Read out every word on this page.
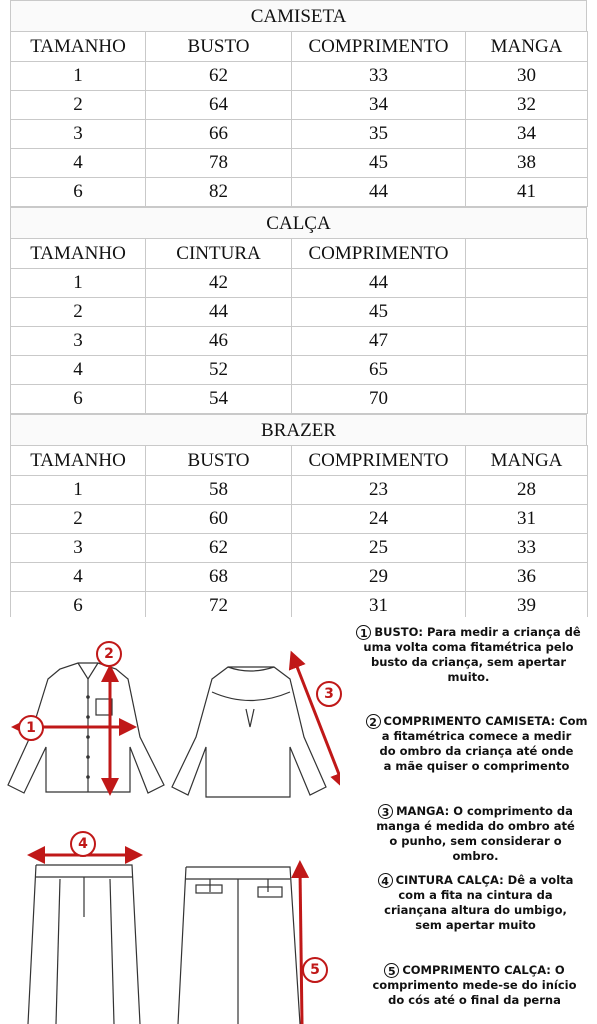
CAMISETA
TAMANHO	BUSTO	COMPRIMENTO	MANGA
1	62	33	30
2	64	34	32
3	66	35	34
4	78	45	38
6	82	44	41
CALÇA
TAMANHO	CINTURA	COMPRIMENTO	
1	42	44	
2	44	45	
3	46	47	
4	52	65	
6	54	70	
BRAZER
TAMANHO	BUSTO	COMPRIMENTO	MANGA
1	58	23	28
2	60	24	31
3	62	25	33
4	68	29	36
6	72	31	39
2
1
3
4
5
1 BUSTO: Para medir a criança dê
uma volta coma fitamétrica pelo
busto da criança, sem apertar
muito.
2 COMPRIMENTO CAMISETA: Com
a fitamétrica comece a medir
do ombro da criança até onde
a mãe quiser o comprimento
3 MANGA: O comprimento da
manga é medida do ombro até
o punho, sem considerar o
ombro.
4 CINTURA CALÇA: Dê a volta
com a fita na cintura da
criançana altura do umbigo,
sem apertar muito
5 COMPRIMENTO CALÇA: O
comprimento mede-se do início
do cós até o final da perna
